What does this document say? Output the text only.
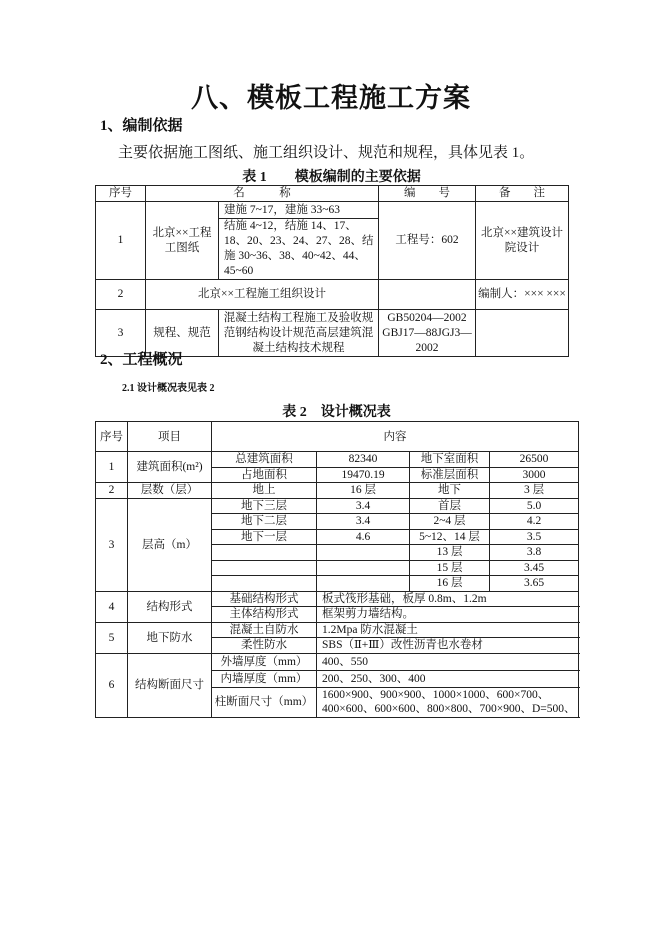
八、模板工程施工方案
1、编制依据
主要依据施工图纸、施工组织设计、规范和规程，具体见表 1。
表 1　　模板编制的主要依据
序号	名　　　称		编　　号	备　　注
1	北京××工程工图纸	建施 7~17，建施 33~63	工程号：602	北京××建筑设计院设计
		结施 4~12，结施 14、17、18、20、23、24、27、28、结施 30~36、38、40~42、44、45~60		
2	北京××工程施工组织设计			编制人：××× ×××
3	规程、规范	混凝土结构工程施工及验收规范钢结构设计规范高层建筑混凝土结构技术规程	GB50204—2002 GBJ17—88JGJ3—2002	
2、工程概况
2.1 设计概况表见表 2
表 2　设计概况表
序号	项目	内容			
1	建筑面积(m²)	总建筑面积	82340	地下室面积	26500
		占地面积	19470.19	标准层面积	3000
2	层数（层）	地上	16 层	地下	3 层
3	层高（m）	地下三层	3.4	首层	5.0
		地下二层	3.4	2~4 层	4.2
		地下一层	4.6	5~12、14 层	3.5
				13 层	3.8
				15 层	3.45
				16 层	3.65
4	结构形式	基础结构形式	板式筏形基础，板厚 0.8m、1.2m		
		主体结构形式	框架剪力墙结构。		
5	地下防水	混凝土自防水	1.2Mpa 防水混凝土		
		柔性防水	SBS（Ⅱ+Ⅲ）改性沥青也水卷材		
6	结构断面尺寸	外墙厚度（mm）	400、550		
		内墙厚度（mm）	200、250、300、400		
		柱断面尺寸（mm）	1600×900、900×900、1000×1000、600×700、400×600、600×600、800×800、700×900、D=500、		
